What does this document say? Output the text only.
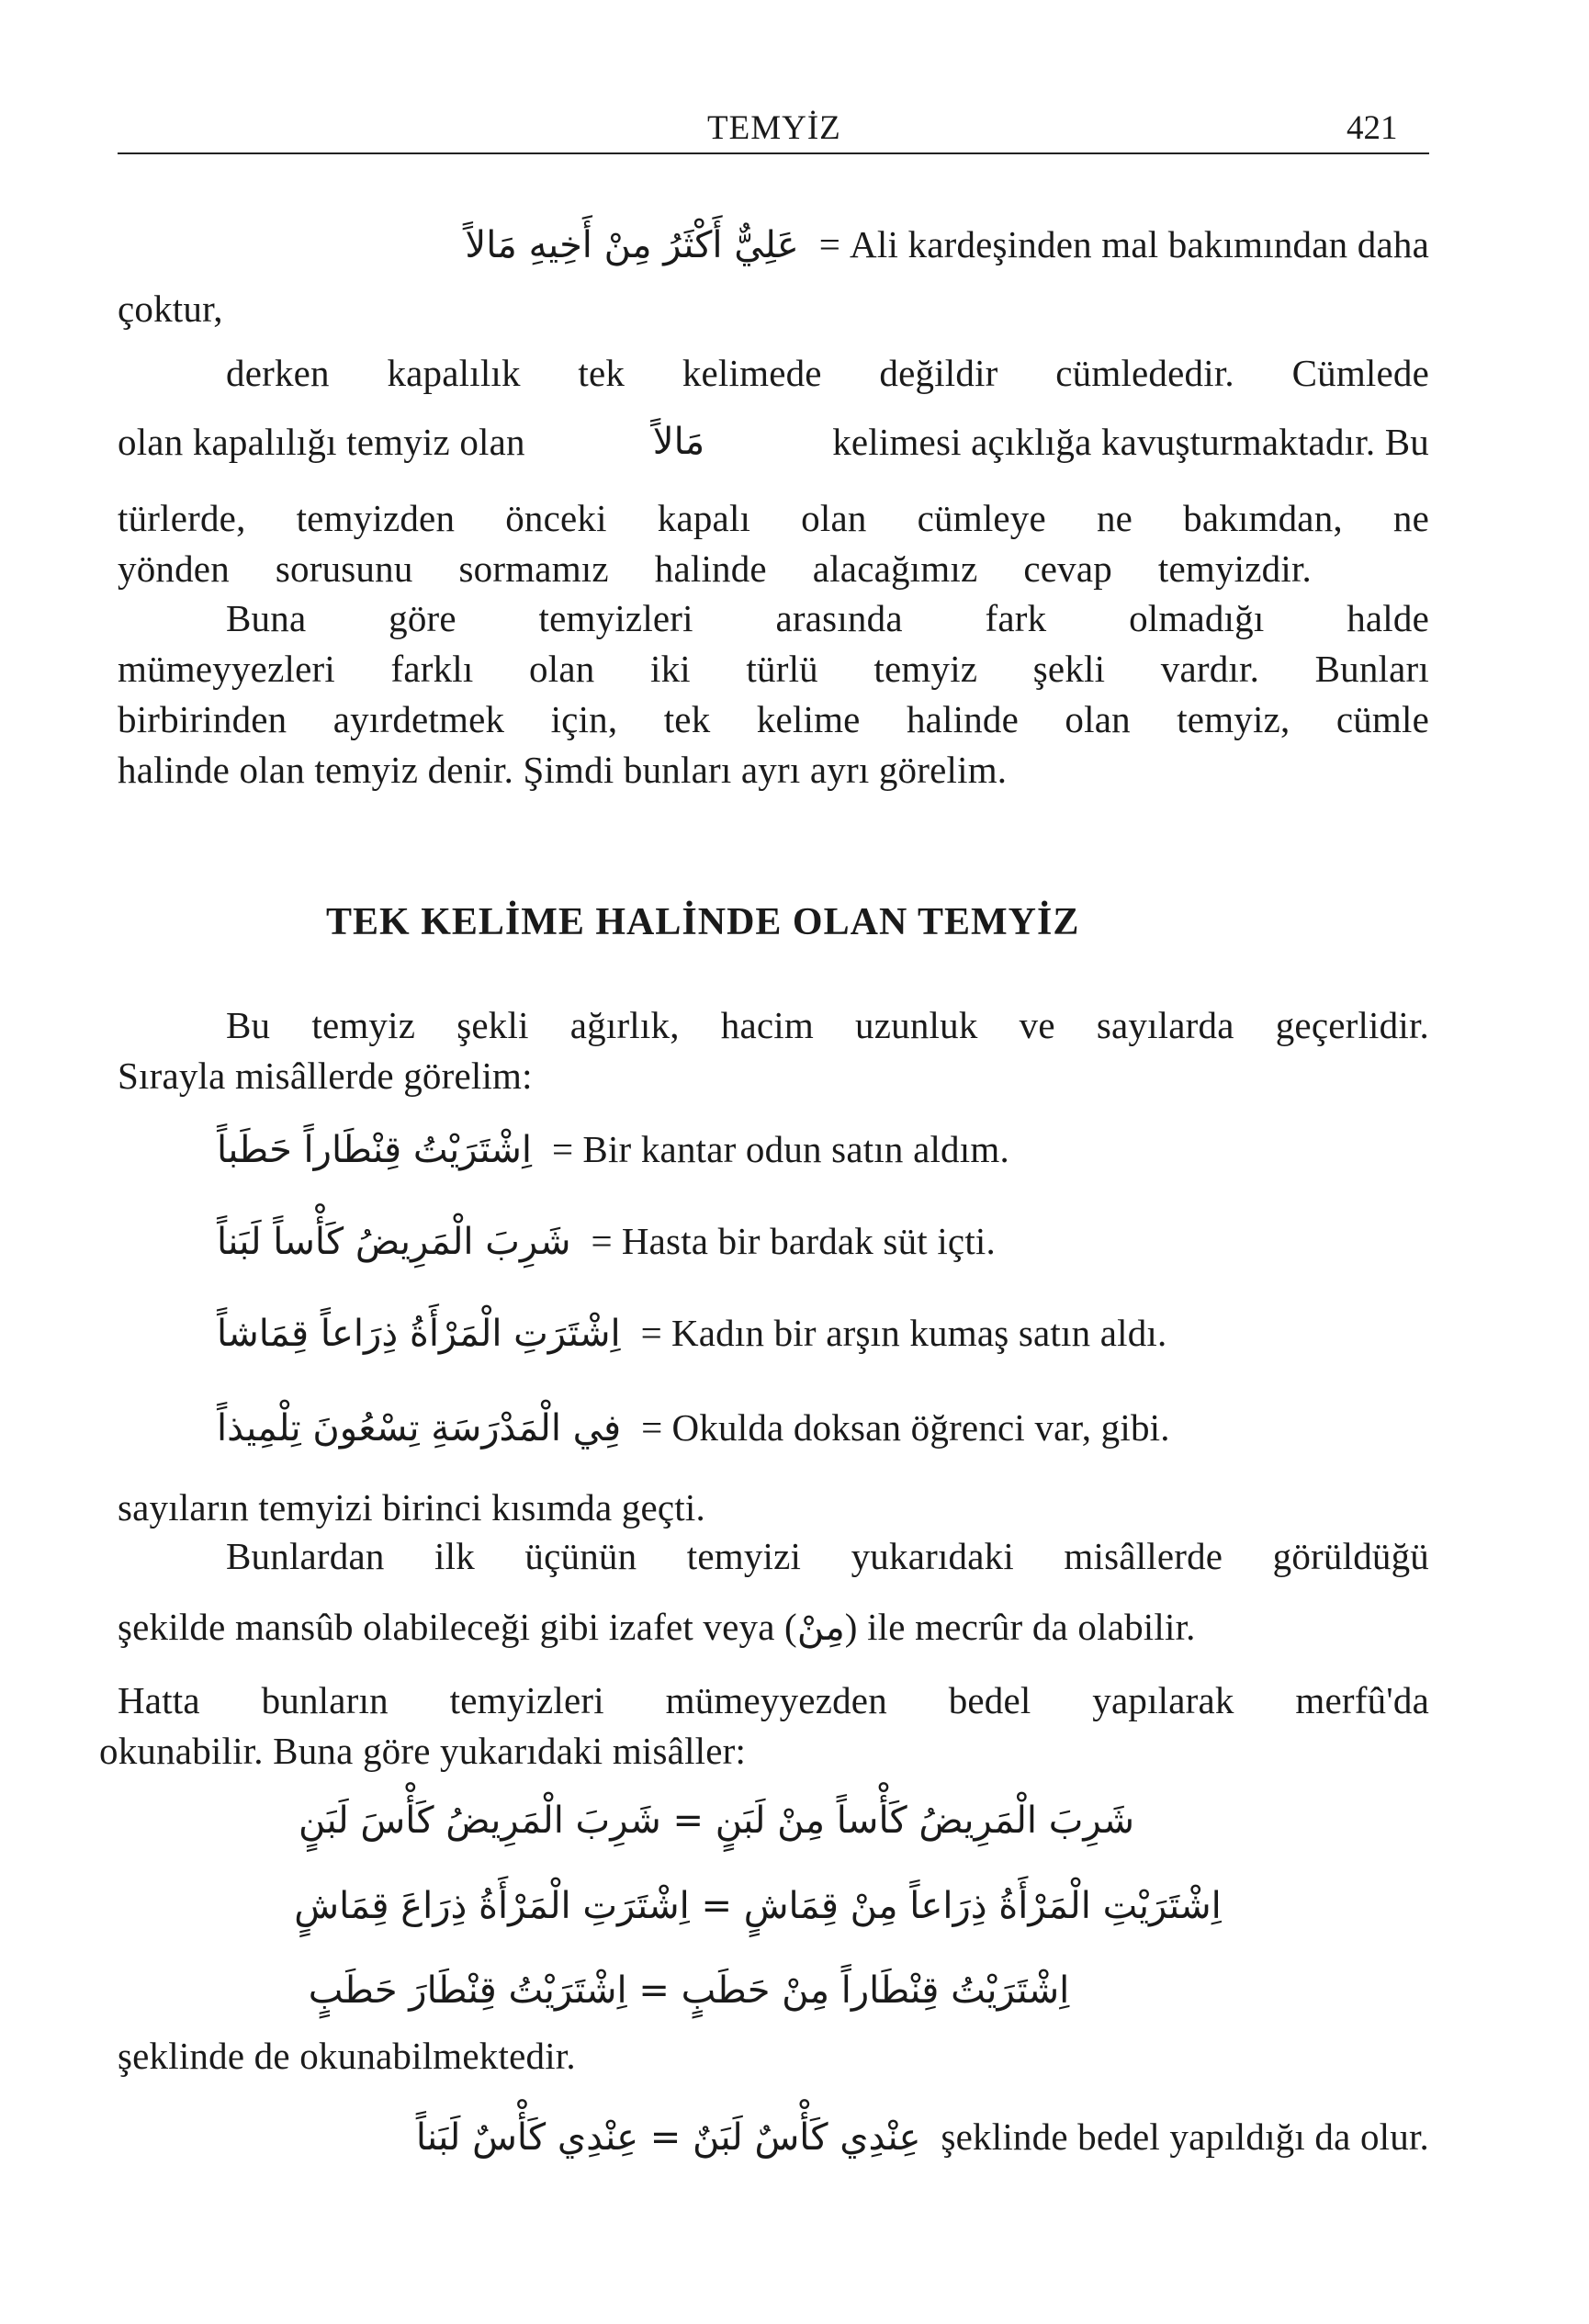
TEMYİZ	421
عَلِيٌّ أَكْثَرُ مِنْ أَخِيهِ مَالاً = Ali kardeşinden mal bakımından daha
çoktur,
derken kapalılık tek kelimede değildir cümlededir. Cümlede
olan kapalılığı temyiz olan	مَالاً	kelimesi açıklığa kavuşturmaktadır. Bu
türlerde, temyizden önceki kapalı olan cümleye ne bakımdan, ne
yönden sorusunu sormamız halinde alacağımız cevap temyizdir.
Buna göre temyizleri arasında fark olmadığı halde
mümeyyezleri farklı olan iki türlü temyiz şekli vardır. Bunları
birbirinden ayırdetmek için, tek kelime halinde olan temyiz, cümle
halinde olan temyiz denir. Şimdi bunları ayrı ayrı görelim.
TEK KELİME HALİNDE OLAN TEMYİZ
Bu temyiz şekli ağırlık, hacim uzunluk ve sayılarda geçerlidir.
Sırayla misâllerde görelim:
اِشْتَرَيْتُ قِنْطَاراً حَطَباً = Bir kantar odun satın aldım.
شَرِبَ الْمَرِيضُ كَأْساً لَبَناً = Hasta bir bardak süt içti.
اِشْتَرَتِ الْمَرْأَةُ ذِرَاعاً قِمَاشاً = Kadın bir arşın kumaş satın aldı.
فِي الْمَدْرَسَةِ تِسْعُونَ تِلْمِيذاً = Okulda doksan öğrenci var, gibi.
sayıların temyizi birinci kısımda geçti.
Bunlardan ilk üçünün temyizi yukarıdaki misâllerde görüldüğü
şekilde mansûb olabileceği gibi izafet veya (مِنْ) ile mecrûr da olabilir.
Hatta bunların temyizleri mümeyyezden bedel yapılarak merfû'da
okunabilir. Buna göre yukarıdaki misâller:
شَرِبَ الْمَرِيضُ كَأْساً مِنْ لَبَنٍ = شَرِبَ الْمَرِيضُ كَأْسَ لَبَنٍ
اِشْتَرَيْتِ الْمَرْأَةُ ذِرَاعاً مِنْ قِمَاشٍ = اِشْتَرَتِ الْمَرْأَةُ ذِرَاعَ قِمَاشٍ
اِشْتَرَيْتُ قِنْطَاراً مِنْ حَطَبٍ = اِشْتَرَيْتُ قِنْطَارَ حَطَبٍ
şeklinde de okunabilmektedir.
عِنْدِي كَأْسٌ لَبَنٌ = عِنْدِي كَأْسٌ لَبَناً şeklinde bedel yapıldığı da olur.
